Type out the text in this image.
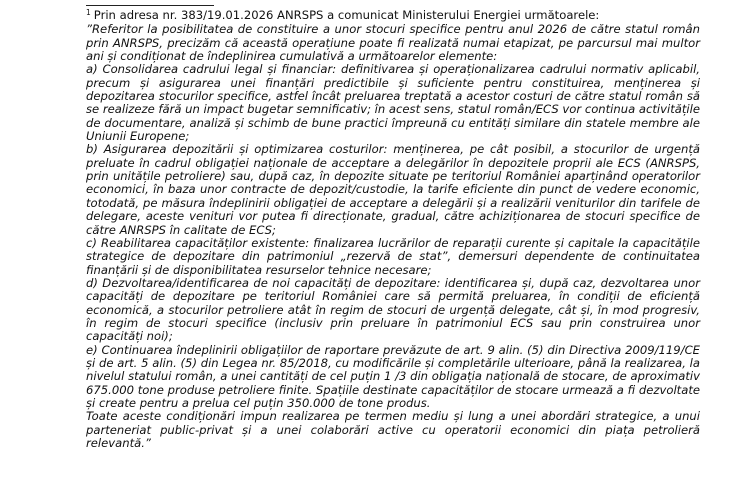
$^1$ Prin adresa nr. 383/19.01.2026 ANRSPS a comunicat Ministerului Energiei următoarele:
”Referitor la posibilitatea de constituire a unor stocuri specifice pentru anul 2026 de către statul român prin ANRSPS, precizăm că această operațiune poate fi realizată numai etapizat, pe parcursul mai multor ani și condiționat de îndeplinirea cumulativă a următoarelor elemente:
a) Consolidarea cadrului legal și financiar: definitivarea și operaționalizarea cadrului normativ aplicabil, precum și asigurarea unei finanțări predictibile și suficiente pentru constituirea, menținerea și depozitarea stocurilor specifice, astfel încât preluarea treptată a acestor costuri de către statul român să se realizeze fără un impact bugetar semnificativ; în acest sens, statul român/ECS vor continua activitățile de documentare, analiză și schimb de bune practici împreună cu entități similare din statele membre ale Uniunii Europene;
b) Asigurarea depozitării și optimizarea costurilor: menținerea, pe cât posibil, a stocurilor de urgență preluate în cadrul obligației naționale de acceptare a delegărilor în depozitele proprii ale ECS (ANRSPS, prin unitățile petroliere) sau, după caz, în depozite situate pe teritoriul României aparținând operatorilor economici, în baza unor contracte de depozit/custodie, la tarife eficiente din punct de vedere economic, totodată, pe măsura îndeplinirii obligației de acceptare a delegării și a realizării veniturilor din tarifele de delegare, aceste venituri vor putea fi direcționate, gradual, către achiziționarea de stocuri specifice de către ANRSPS în calitate de ECS;
c) Reabilitarea capacităților existente: finalizarea lucrărilor de reparații curente și capitale la capacitățile strategice de depozitare din patrimoniul „rezervă de stat”, demersuri dependente de continuitatea finanțării și de disponibilitatea resurselor tehnice necesare;
d) Dezvoltarea/identificarea de noi capacități de depozitare: identificarea și, după caz, dezvoltarea unor capacități de depozitare pe teritoriul României care să permită preluarea, în condiții de eficiență economică, a stocurilor petroliere atât în regim de stocuri de urgență delegate, cât și, în mod progresiv, în regim de stocuri specifice (inclusiv prin preluare în patrimoniul ECS sau prin construirea unor capacități noi);
e) Continuarea îndeplinirii obligațiilor de raportare prevăzute de art. 9 alin. (5) din Directiva 2009/119/CE și de art. 5 alin. (5) din Legea nr. 85/2018, cu modificările și completările ulterioare, până la realizarea, la nivelul statului român, a unei cantități de cel puțin 1 /3 din obligația națională de stocare, de aproximativ 675.000 tone produse petroliere finite. Spațiile destinate capacităților de stocare urmează a fi dezvoltate și create pentru a prelua cel puțin 350.000 de tone produs.
Toate aceste condiționări impun realizarea pe termen mediu și lung a unei abordări strategice, a unui parteneriat public-privat și a unei colaborări active cu operatorii economici din piața petrolieră relevantă.”
